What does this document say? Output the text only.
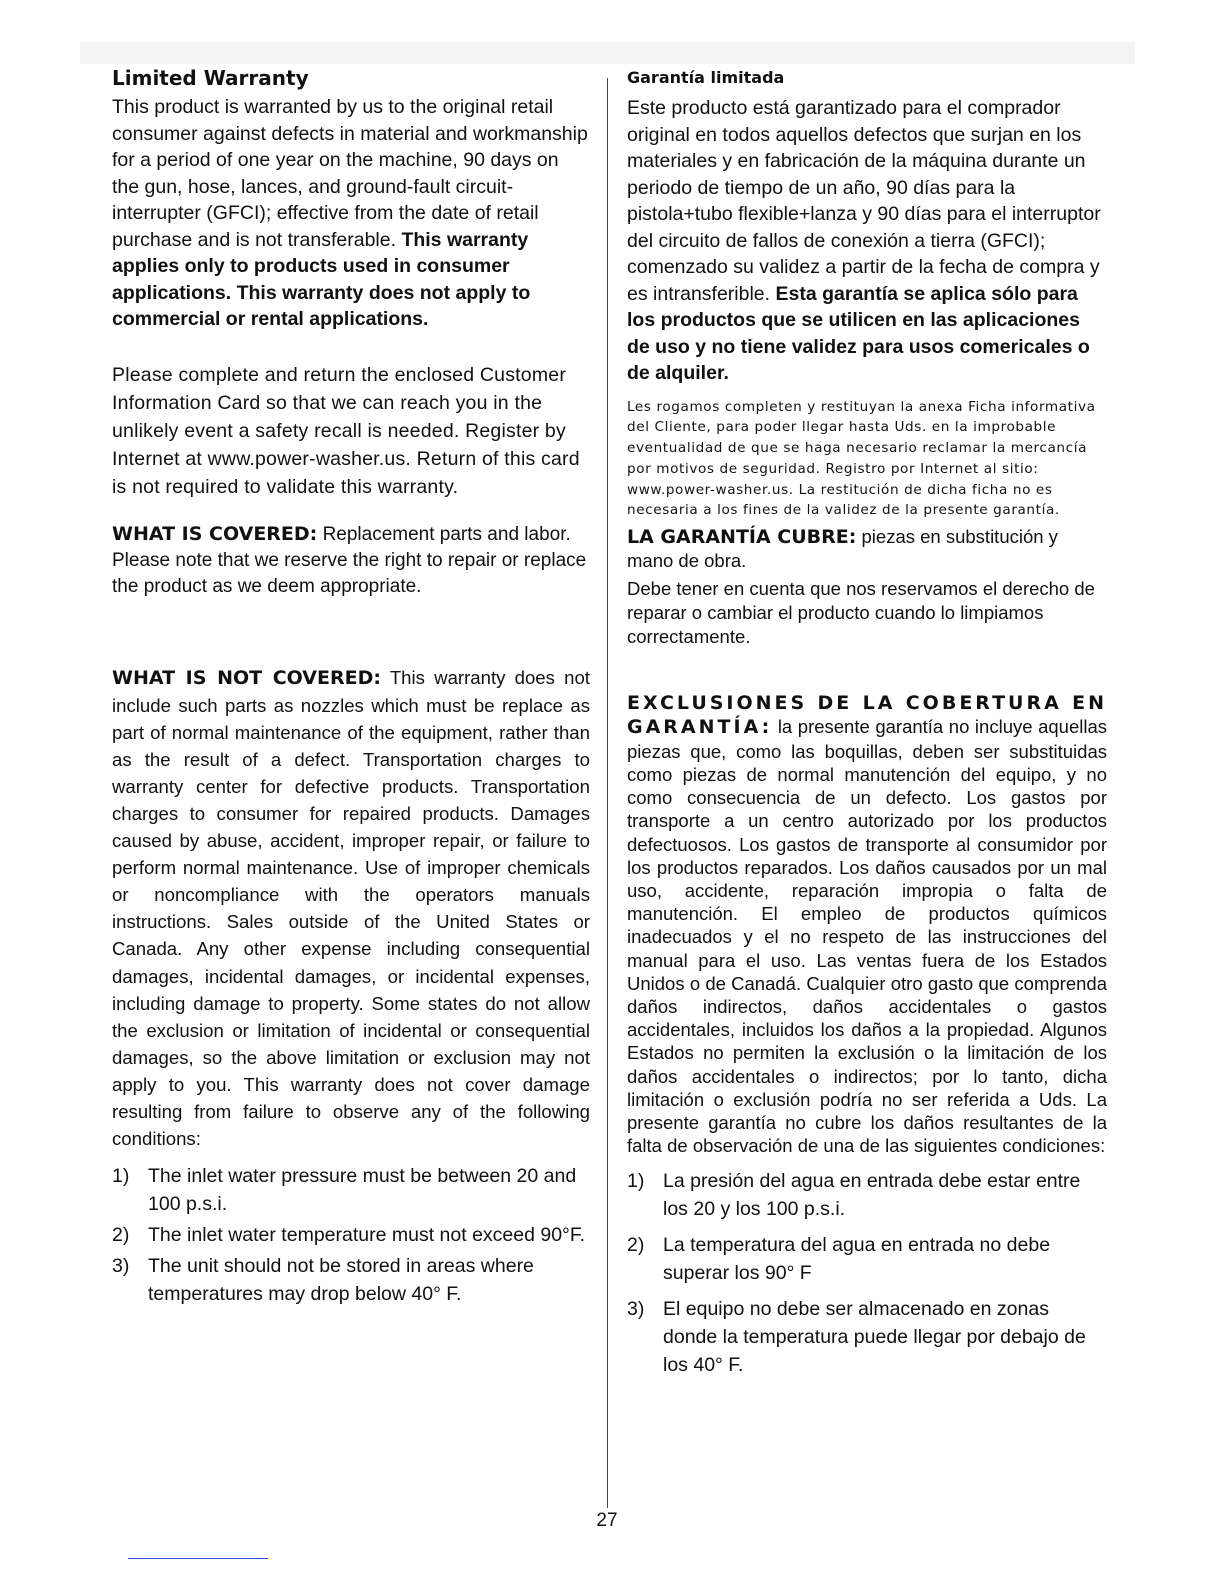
Limited Warranty

This product is warranted by us to the original retail consumer against defects in material and workmanship for a period of one year on the machine, 90 days on the gun, hose, lances, and ground-fault circuit-interrupter (GFCI); effective from the date of retail purchase and is not transferable. This warranty applies only to products used in consumer applications. This warranty does not apply to commercial or rental applications.

Please complete and return the enclosed Customer Information Card so that we can reach you in the unlikely event a safety recall is needed. Register by Internet at www.power-washer.us. Return of this card is not required to validate this warranty.

WHAT IS COVERED: Replacement parts and labor. Please note that we reserve the right to repair or replace the product as we deem appropriate.

WHAT IS NOT COVERED: This warranty does not include such parts as nozzles which must be replace as part of normal maintenance of the equipment, rather than as the result of a defect. Transportation charges to warranty center for defective products. Transportation charges to consumer for repaired products. Damages caused by abuse, accident, improper repair, or failure to perform normal maintenance. Use of improper chemicals or noncompliance with the operators manuals instructions. Sales outside of the United States or Canada. Any other expense including consequential damages, incidental damages, or incidental expenses, including damage to property. Some states do not allow the exclusion or limitation of incidental or consequential damages, so the above limitation or exclusion may not apply to you. This warranty does not cover damage resulting from failure to observe any of the following conditions:

1) The inlet water pressure must be between 20 and 100 p.s.i.
2) The inlet water temperature must not exceed 90°F.
3) The unit should not be stored in areas where temperatures may drop below 40° F.
Garantía limitada

Este producto está garantizado para el comprador original en todos aquellos defectos que surjan en los materiales y en fabricación de la máquina durante un periodo de tiempo de un año, 90 días para la pistola+tubo flexible+lanza y 90 días para el interruptor del circuito de fallos de conexión a tierra (GFCI); comenzado su validez a partir de la fecha de compra y es intransferible. Esta garantía se aplica sólo para los productos que se utilicen en las aplicaciones de uso y no tiene validez para usos comericales o de alquiler.

Les rogamos completen y restituyan la anexa Ficha informativa del Cliente, para poder llegar hasta Uds. en la improbable eventualidad de que se haga necesario reclamar la mercancía por motivos de seguridad. Registro por Internet al sitio: www.power-washer.us. La restitución de dicha ficha no es necesaria a los fines de la validez de la presente garantía.

LA GARANTÍA CUBRE: piezas en substitución y mano de obra.

Debe tener en cuenta que nos reservamos el derecho de reparar o cambiar el producto cuando lo limpiamos correctamente.

EXCLUSIONES DE LA COBERTURA EN GARANTÍA: la presente garantía no incluye aquellas piezas que, como las boquillas, deben ser substituidas como piezas de normal manutención del equipo, y no como consecuencia de un defecto. Los gastos por transporte a un centro autorizado por los productos defectuosos. Los gastos de transporte al consumidor por los productos reparados. Los daños causados por un mal uso, accidente, reparación impropia o falta de manutención. El empleo de productos químicos inadecuados y el no respeto de las instrucciones del manual para el uso. Las ventas fuera de los Estados Unidos o de Canadá. Cualquier otro gasto que comprenda daños indirectos, daños accidentales o gastos accidentales, incluidos los daños a la propiedad. Algunos Estados no permiten la exclusión o la limitación de los daños accidentales o indirectos; por lo tanto, dicha limitación o exclusión podría no ser referida a Uds. La presente garantía no cubre los daños resultantes de la falta de observación de una de las siguientes condiciones:

1) La presión del agua en entrada debe estar entre los 20 y los 100 p.s.i.
2) La temperatura del agua en entrada no debe superar los 90° F
3) El equipo no debe ser almacenado en zonas donde la temperatura puede llegar por debajo de los 40° F.
27
